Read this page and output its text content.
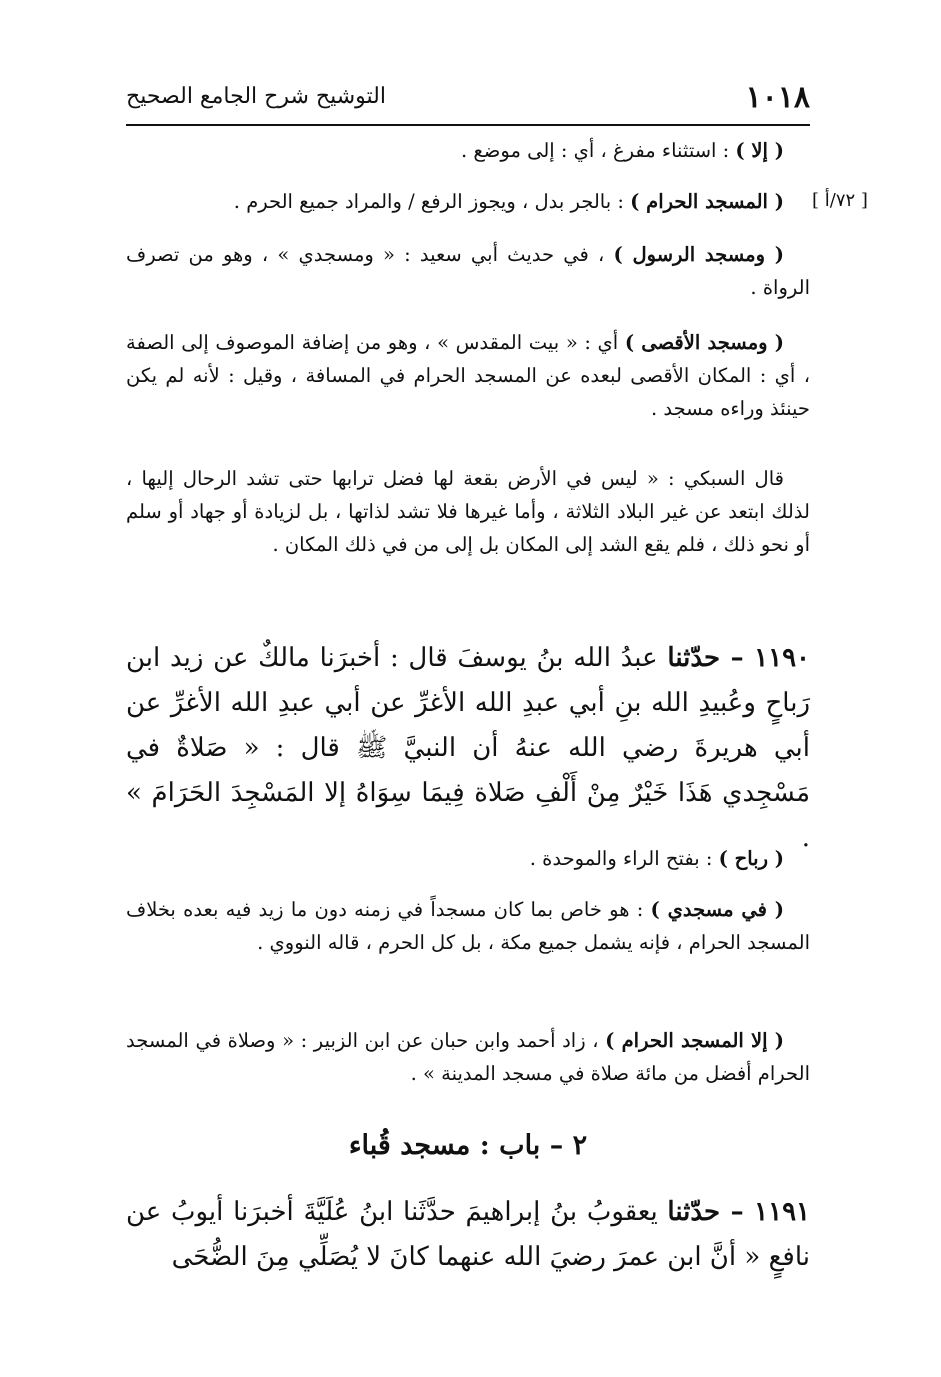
١٠١٨
التوشيح شرح الجامع الصحيح
( إلا ) : استثناء مفرغ ، أي : إلى موضع .
[ ٧٢/أ ]
( المسجد الحرام ) : بالجر بدل ، ويجوز الرفع / والمراد جميع الحرم .
( ومسجد الرسول ) ، في حديث أبي سعيد : « ومسجدي » ، وهو من تصرف الرواة .
( ومسجد الأقصى ) أي : « بيت المقدس » ، وهو من إضافة الموصوف إلى الصفة ، أي : المكان الأقصى لبعده عن المسجد الحرام في المسافة ، وقيل : لأنه لم يكن حينئذ وراءه مسجد .
قال السبكي : « ليس في الأرض بقعة لها فضل ترابها حتى تشد الرحال إليها ، لذلك ابتعد عن غير البلاد الثلاثة ، وأما غيرها فلا تشد لذاتها ، بل لزيادة أو جهاد أو سلم أو نحو ذلك ، فلم يقع الشد إلى المكان بل إلى من في ذلك المكان .
١١٩٠ – حدّثنا عبدُ الله بنُ يوسفَ قال : أخبرَنا مالكٌ عن زيد ابن رَباحٍ وعُبيدِ الله بنِ أبي عبدِ الله الأغرِّ عن أبي عبدِ الله الأغرِّ عن أبي هريرةَ رضي الله عنهُ أن النبيَّ ﷺ قال : « صَلاةٌ في مَسْجِدي هَذَا خَيْرٌ مِنْ أَلْفِ صَلاة فِيمَا سِوَاهُ إلا المَسْجِدَ الحَرَامَ » .
( رباح ) : بفتح الراء والموحدة .
( في مسجدي ) : هو خاص بما كان مسجداً في زمنه دون ما زيد فيه بعده بخلاف المسجد الحرام ، فإنه يشمل جميع مكة ، بل كل الحرم ، قاله النووي .
( إلا المسجد الحرام ) ، زاد أحمد وابن حبان عن ابن الزبير : « وصلاة في المسجد الحرام أفضل من مائة صلاة في مسجد المدينة » .
٢ – باب : مسجد قُباء
١١٩١ – حدّثنا يعقوبُ بنُ إبراهيمَ حدَّثَنا ابنُ عُلَيَّةَ أخبرَنا أيوبُ عن نافعٍ « أنَّ ابن عمرَ رضيَ الله عنهما كانَ لا يُصَلِّي مِنَ الضُّحَى
